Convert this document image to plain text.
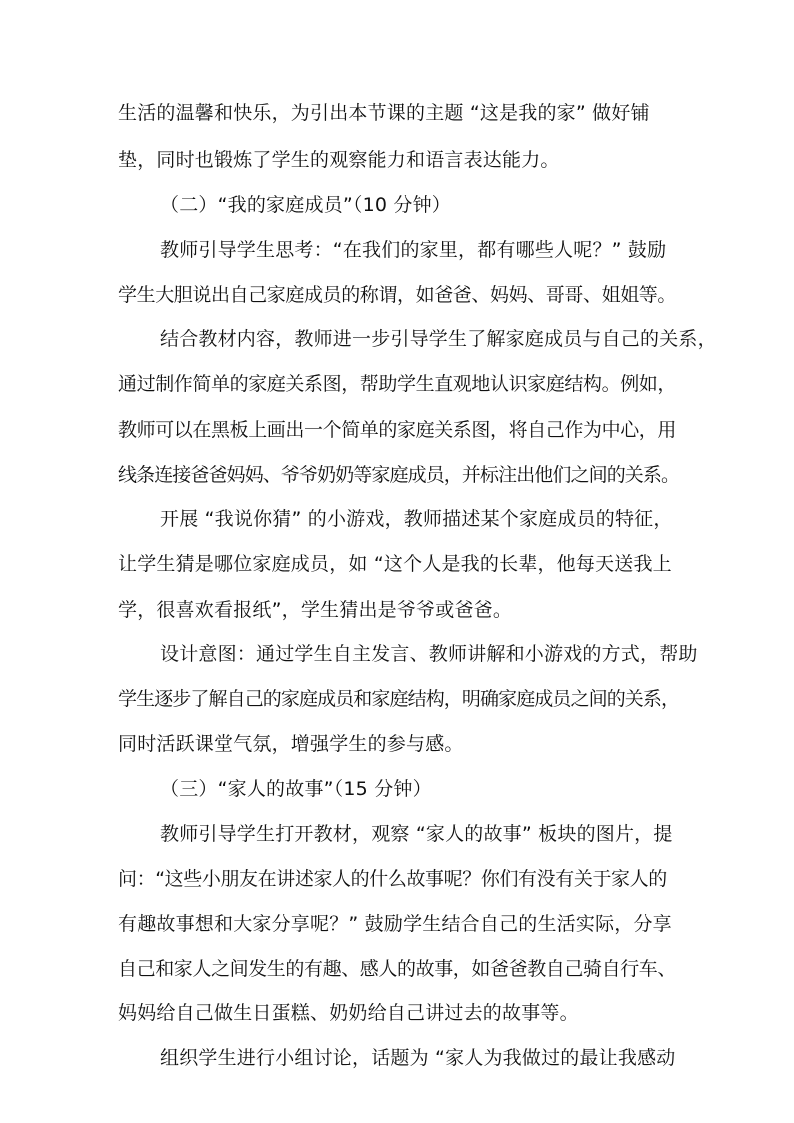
生活的温馨和快乐，为引出本节课的主题 “这是我的家” 做好铺
垫，同时也锻炼了学生的观察能力和语言表达能力。
（二）“我的家庭成员”（10 分钟）
教师引导学生思考：“在我们的家里，都有哪些人呢？” 鼓励
学生大胆说出自己家庭成员的称谓，如爸爸、妈妈、哥哥、姐姐等。
结合教材内容，教师进一步引导学生了解家庭成员与自己的关系，
通过制作简单的家庭关系图，帮助学生直观地认识家庭结构。例如，
教师可以在黑板上画出一个简单的家庭关系图，将自己作为中心，用
线条连接爸爸妈妈、爷爷奶奶等家庭成员，并标注出他们之间的关系。
开展 “我说你猜” 的小游戏，教师描述某个家庭成员的特征，
让学生猜是哪位家庭成员，如 “这个人是我的长辈，他每天送我上
学，很喜欢看报纸”，学生猜出是爷爷或爸爸。
设计意图：通过学生自主发言、教师讲解和小游戏的方式，帮助
学生逐步了解自己的家庭成员和家庭结构，明确家庭成员之间的关系，
同时活跃课堂气氛，增强学生的参与感。
（三）“家人的故事”（15 分钟）
教师引导学生打开教材，观察 “家人的故事” 板块的图片，提
问：“这些小朋友在讲述家人的什么故事呢？你们有没有关于家人的
有趣故事想和大家分享呢？” 鼓励学生结合自己的生活实际，分享
自己和家人之间发生的有趣、感人的故事，如爸爸教自己骑自行车、
妈妈给自己做生日蛋糕、奶奶给自己讲过去的故事等。
组织学生进行小组讨论，话题为 “家人为我做过的最让我感动
